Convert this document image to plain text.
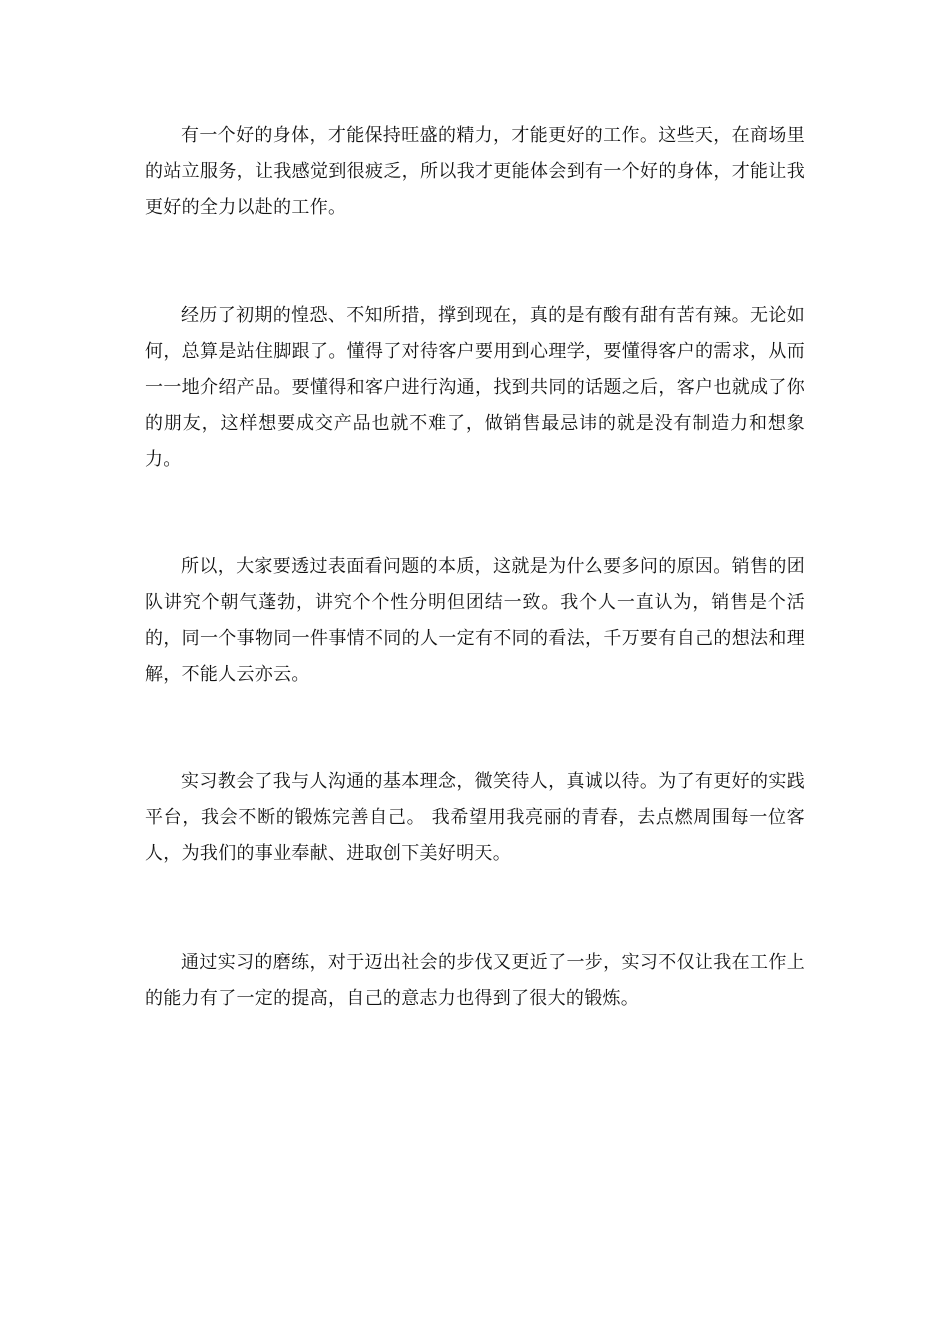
有一个好的身体，才能保持旺盛的精力，才能更好的工作。这些天，在商场里的站立服务，让我感觉到很疲乏，所以我才更能体会到有一个好的身体，才能让我更好的全力以赴的工作。

经历了初期的惶恐、不知所措，撑到现在，真的是有酸有甜有苦有辣。无论如何，总算是站住脚跟了。懂得了对待客户要用到心理学，要懂得客户的需求，从而一一地介绍产品。要懂得和客户进行沟通，找到共同的话题之后，客户也就成了你的朋友，这样想要成交产品也就不难了，做销售最忌讳的就是没有制造力和想象力。

所以，大家要透过表面看问题的本质，这就是为什么要多问的原因。销售的团队讲究个朝气蓬勃，讲究个个性分明但团结一致。我个人一直认为，销售是个活的，同一个事物同一件事情不同的人一定有不同的看法，千万要有自己的想法和理解，不能人云亦云。

实习教会了我与人沟通的基本理念，微笑待人，真诚以待。为了有更好的实践平台，我会不断的锻炼完善自己。 我希望用我亮丽的青春，去点燃周围每一位客人，为我们的事业奉献、进取创下美好明天。

通过实习的磨练，对于迈出社会的步伐又更近了一步，实习不仅让我在工作上的能力有了一定的提高，自己的意志力也得到了很大的锻炼。
